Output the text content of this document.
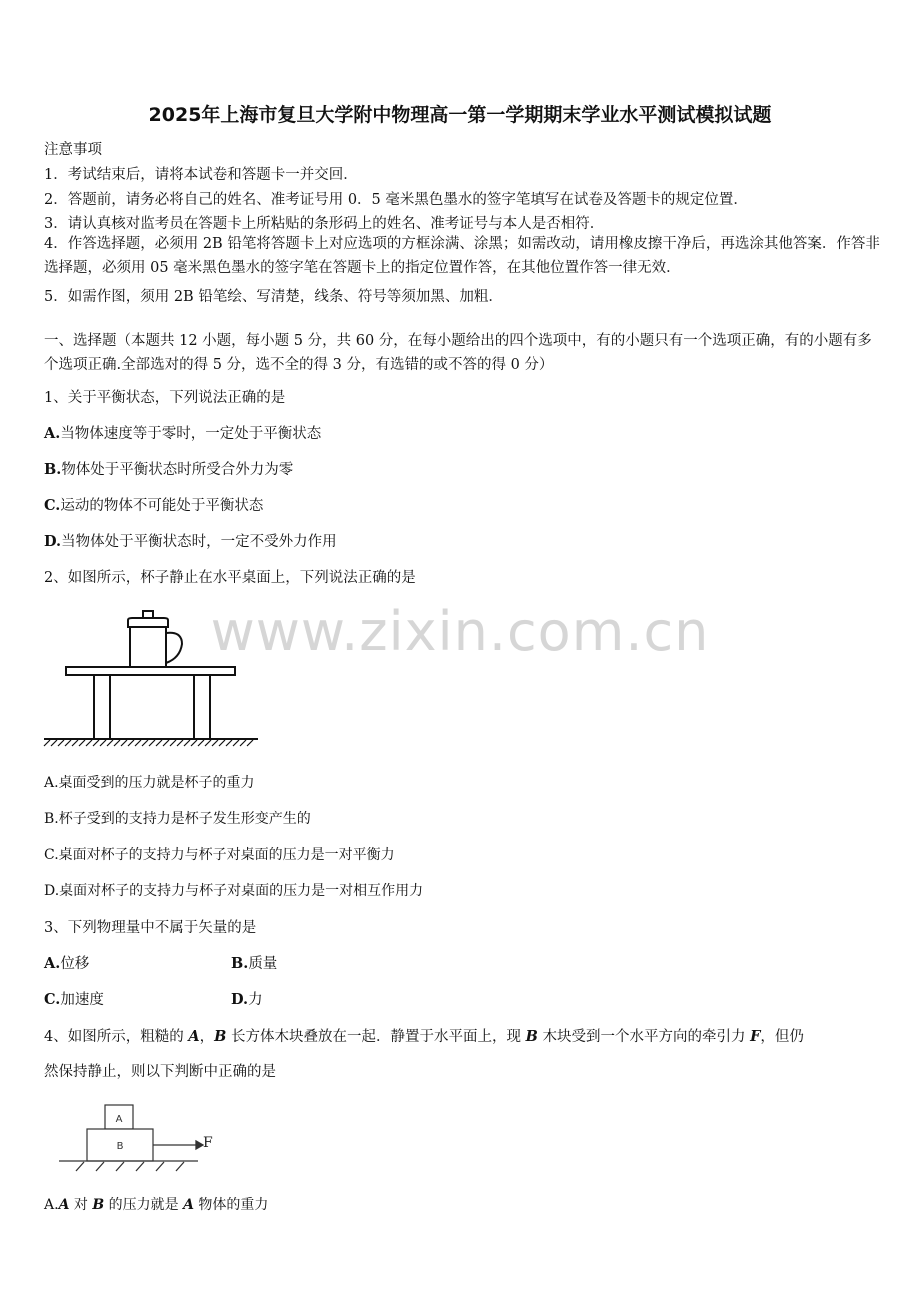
2025年上海市复旦大学附中物理高一第一学期期末学业水平测试模拟试题
注意事项
1．考试结束后，请将本试卷和答题卡一并交回．
2．答题前，请务必将自己的姓名、准考证号用 0．5 毫米黑色墨水的签字笔填写在试卷及答题卡的规定位置．
3．请认真核对监考员在答题卡上所粘贴的条形码上的姓名、准考证号与本人是否相符．
4．作答选择题，必须用 2B 铅笔将答题卡上对应选项的方框涂满、涂黑；如需改动，请用橡皮擦干净后，再选涂其他答案．作答非选择题，必须用 05 毫米黑色墨水的签字笔在答题卡上的指定位置作答，在其他位置作答一律无效．
5．如需作图，须用 2B 铅笔绘、写清楚，线条、符号等须加黑、加粗．
一、选择题（本题共 12 小题，每小题 5 分，共 60 分，在每小题给出的四个选项中，有的小题只有一个选项正确，有的小题有多个选项正确.全部选对的得 5 分，选不全的得 3 分，有选错的或不答的得 0 分）
www.zixin.com.cn
1、关于平衡状态，下列说法正确的是
A.当物体速度等于零时，一定处于平衡状态
B.物体处于平衡状态时所受合外力为零
C.运动的物体不可能处于平衡状态
D.当物体处于平衡状态时，一定不受外力作用
2、如图所示，杯子静止在水平桌面上，下列说法正确的是
A.桌面受到的压力就是杯子的重力
B.杯子受到的支持力是杯子发生形变产生的
C.桌面对杯子的支持力与杯子对桌面的压力是一对平衡力
D.桌面对杯子的支持力与杯子对桌面的压力是一对相互作用力
3、下列物理量中不属于矢量的是
A.位移	B.质量
C.加速度	D.力
4、如图所示，粗糙的 A，B 长方体木块叠放在一起．静置于水平面上，现 B 木块受到一个水平方向的牵引力 F，但仍
然保持静止，则以下判断中正确的是
A
B	F
A.A 对 B 的压力就是 A 物体的重力
